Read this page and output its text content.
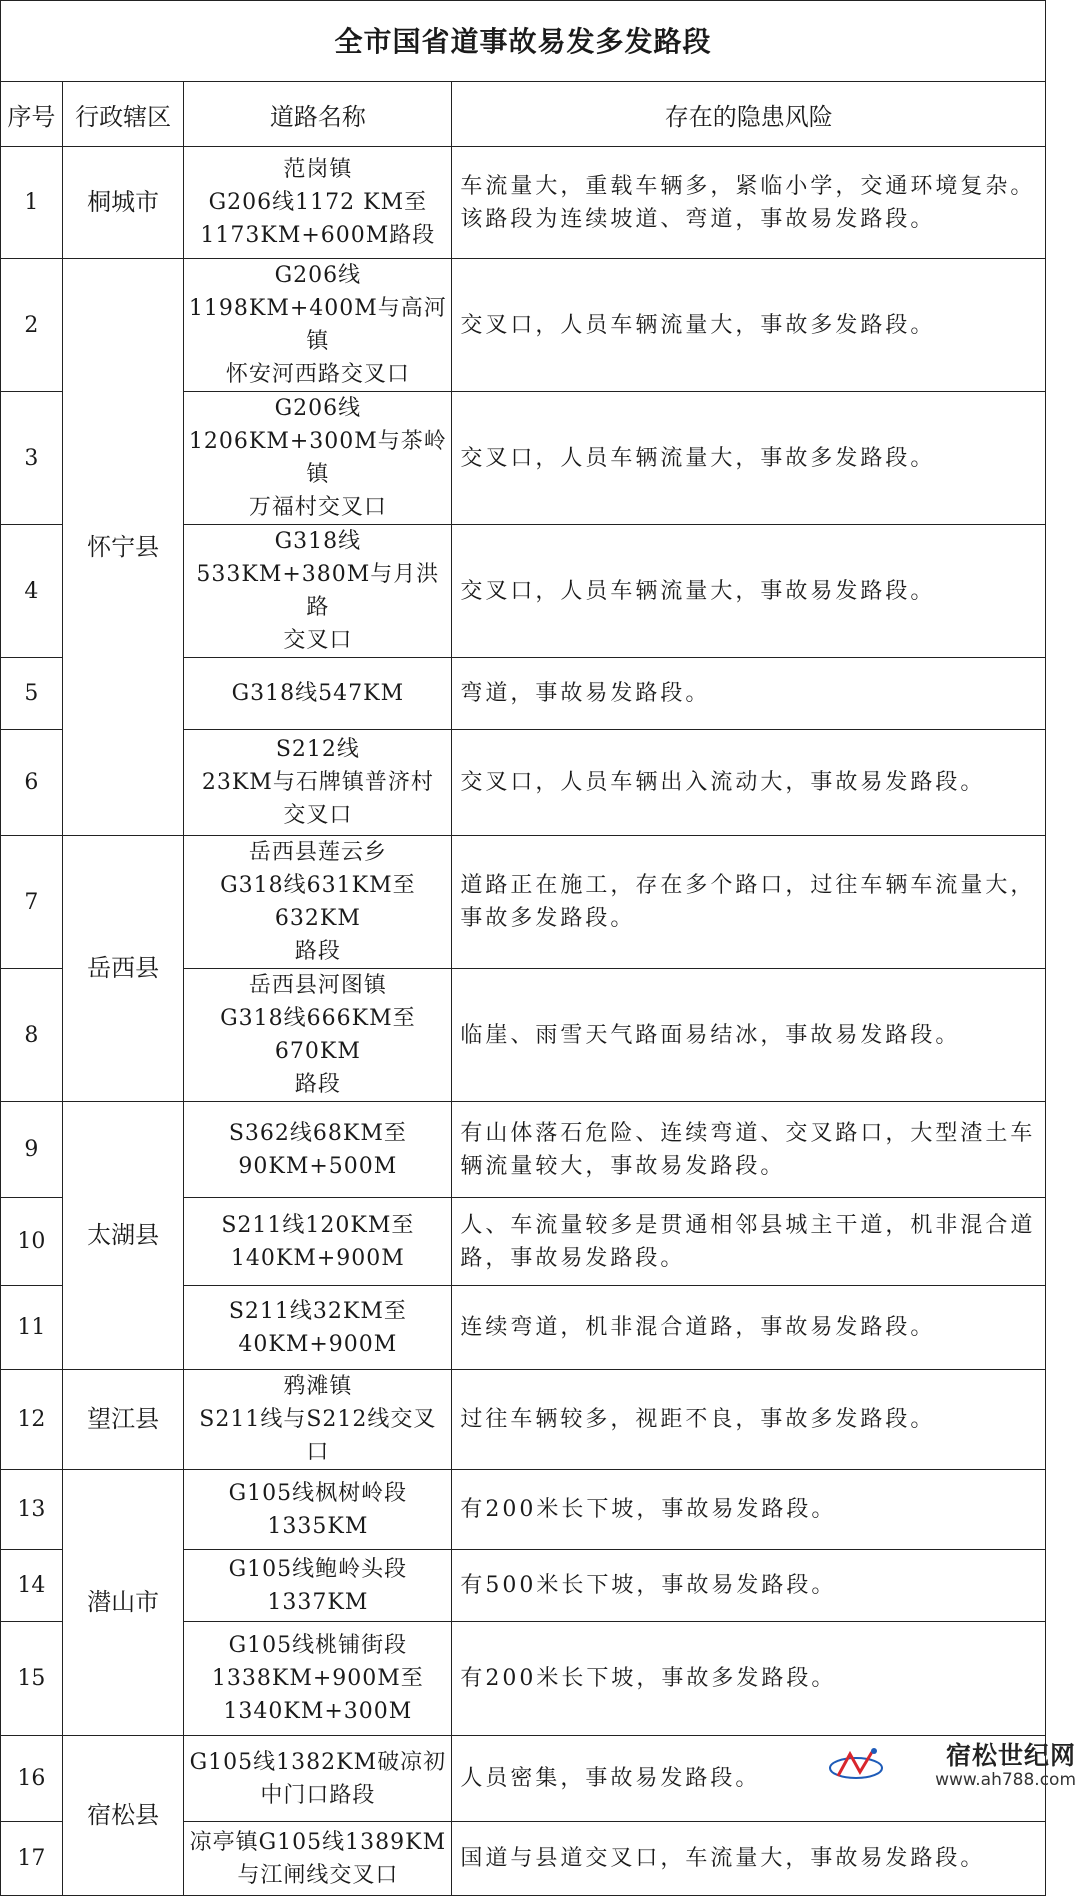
全市国省道事故易发多发路段			
序号	行政辖区	道路名称	存在的隐患风险
1	桐城市	范岗镇
G206线1172 KM至
1173KM+600M路段	车流量大，重载车辆多，紧临小学，交通环境复杂。该路段为连续坡道、弯道，事故易发路段。
2	怀宁县	G206线
1198KM+400M与高河镇
怀安河西路交叉口	交叉口，人员车辆流量大，事故多发路段。
3		G206线
1206KM+300M与茶岭镇
万福村交叉口	交叉口，人员车辆流量大，事故多发路段。
4		G318线
533KM+380M与月洪路
交叉口	交叉口，人员车辆流量大，事故易发路段。
5		G318线547KM	弯道，事故易发路段。
6		S212线
23KM与石牌镇普济村
交叉口	交叉口，人员车辆出入流动大，事故易发路段。
7	岳西县	岳西县莲云乡
G318线631KM至632KM
路段	道路正在施工，存在多个路口，过往车辆车流量大，事故多发路段。
8		岳西县河图镇
G318线666KM至670KM
路段	临崖、雨雪天气路面易结冰，事故易发路段。
9	太湖县	S362线68KM至
90KM+500M	有山体落石危险、连续弯道、交叉路口，大型渣土车辆流量较大，事故易发路段。
10		S211线120KM至
140KM+900M	人、车流量较多是贯通相邻县城主干道，机非混合道路，事故易发路段。
11		S211线32KM至
40KM+900M	连续弯道，机非混合道路，事故易发路段。
12	望江县	鸦滩镇
S211线与S212线交叉
口	过往车辆较多，视距不良，事故多发路段。
13	潜山市	G105线枫树岭段
1335KM	有200米长下坡，事故易发路段。
14		G105线鲍岭头段
1337KM	有500米长下坡，事故易发路段。
15		G105线桃铺街段
1338KM+900M至
1340KM+300M	有200米长下坡，事故多发路段。
16	宿松县	G105线1382KM破凉初
中门口路段	人员密集，事故易发路段。
17		凉亭镇G105线1389KM
与江闸线交叉口	国道与县道交叉口，车流量大，事故易发路段。
宿松世纪网
www.ah788.com
